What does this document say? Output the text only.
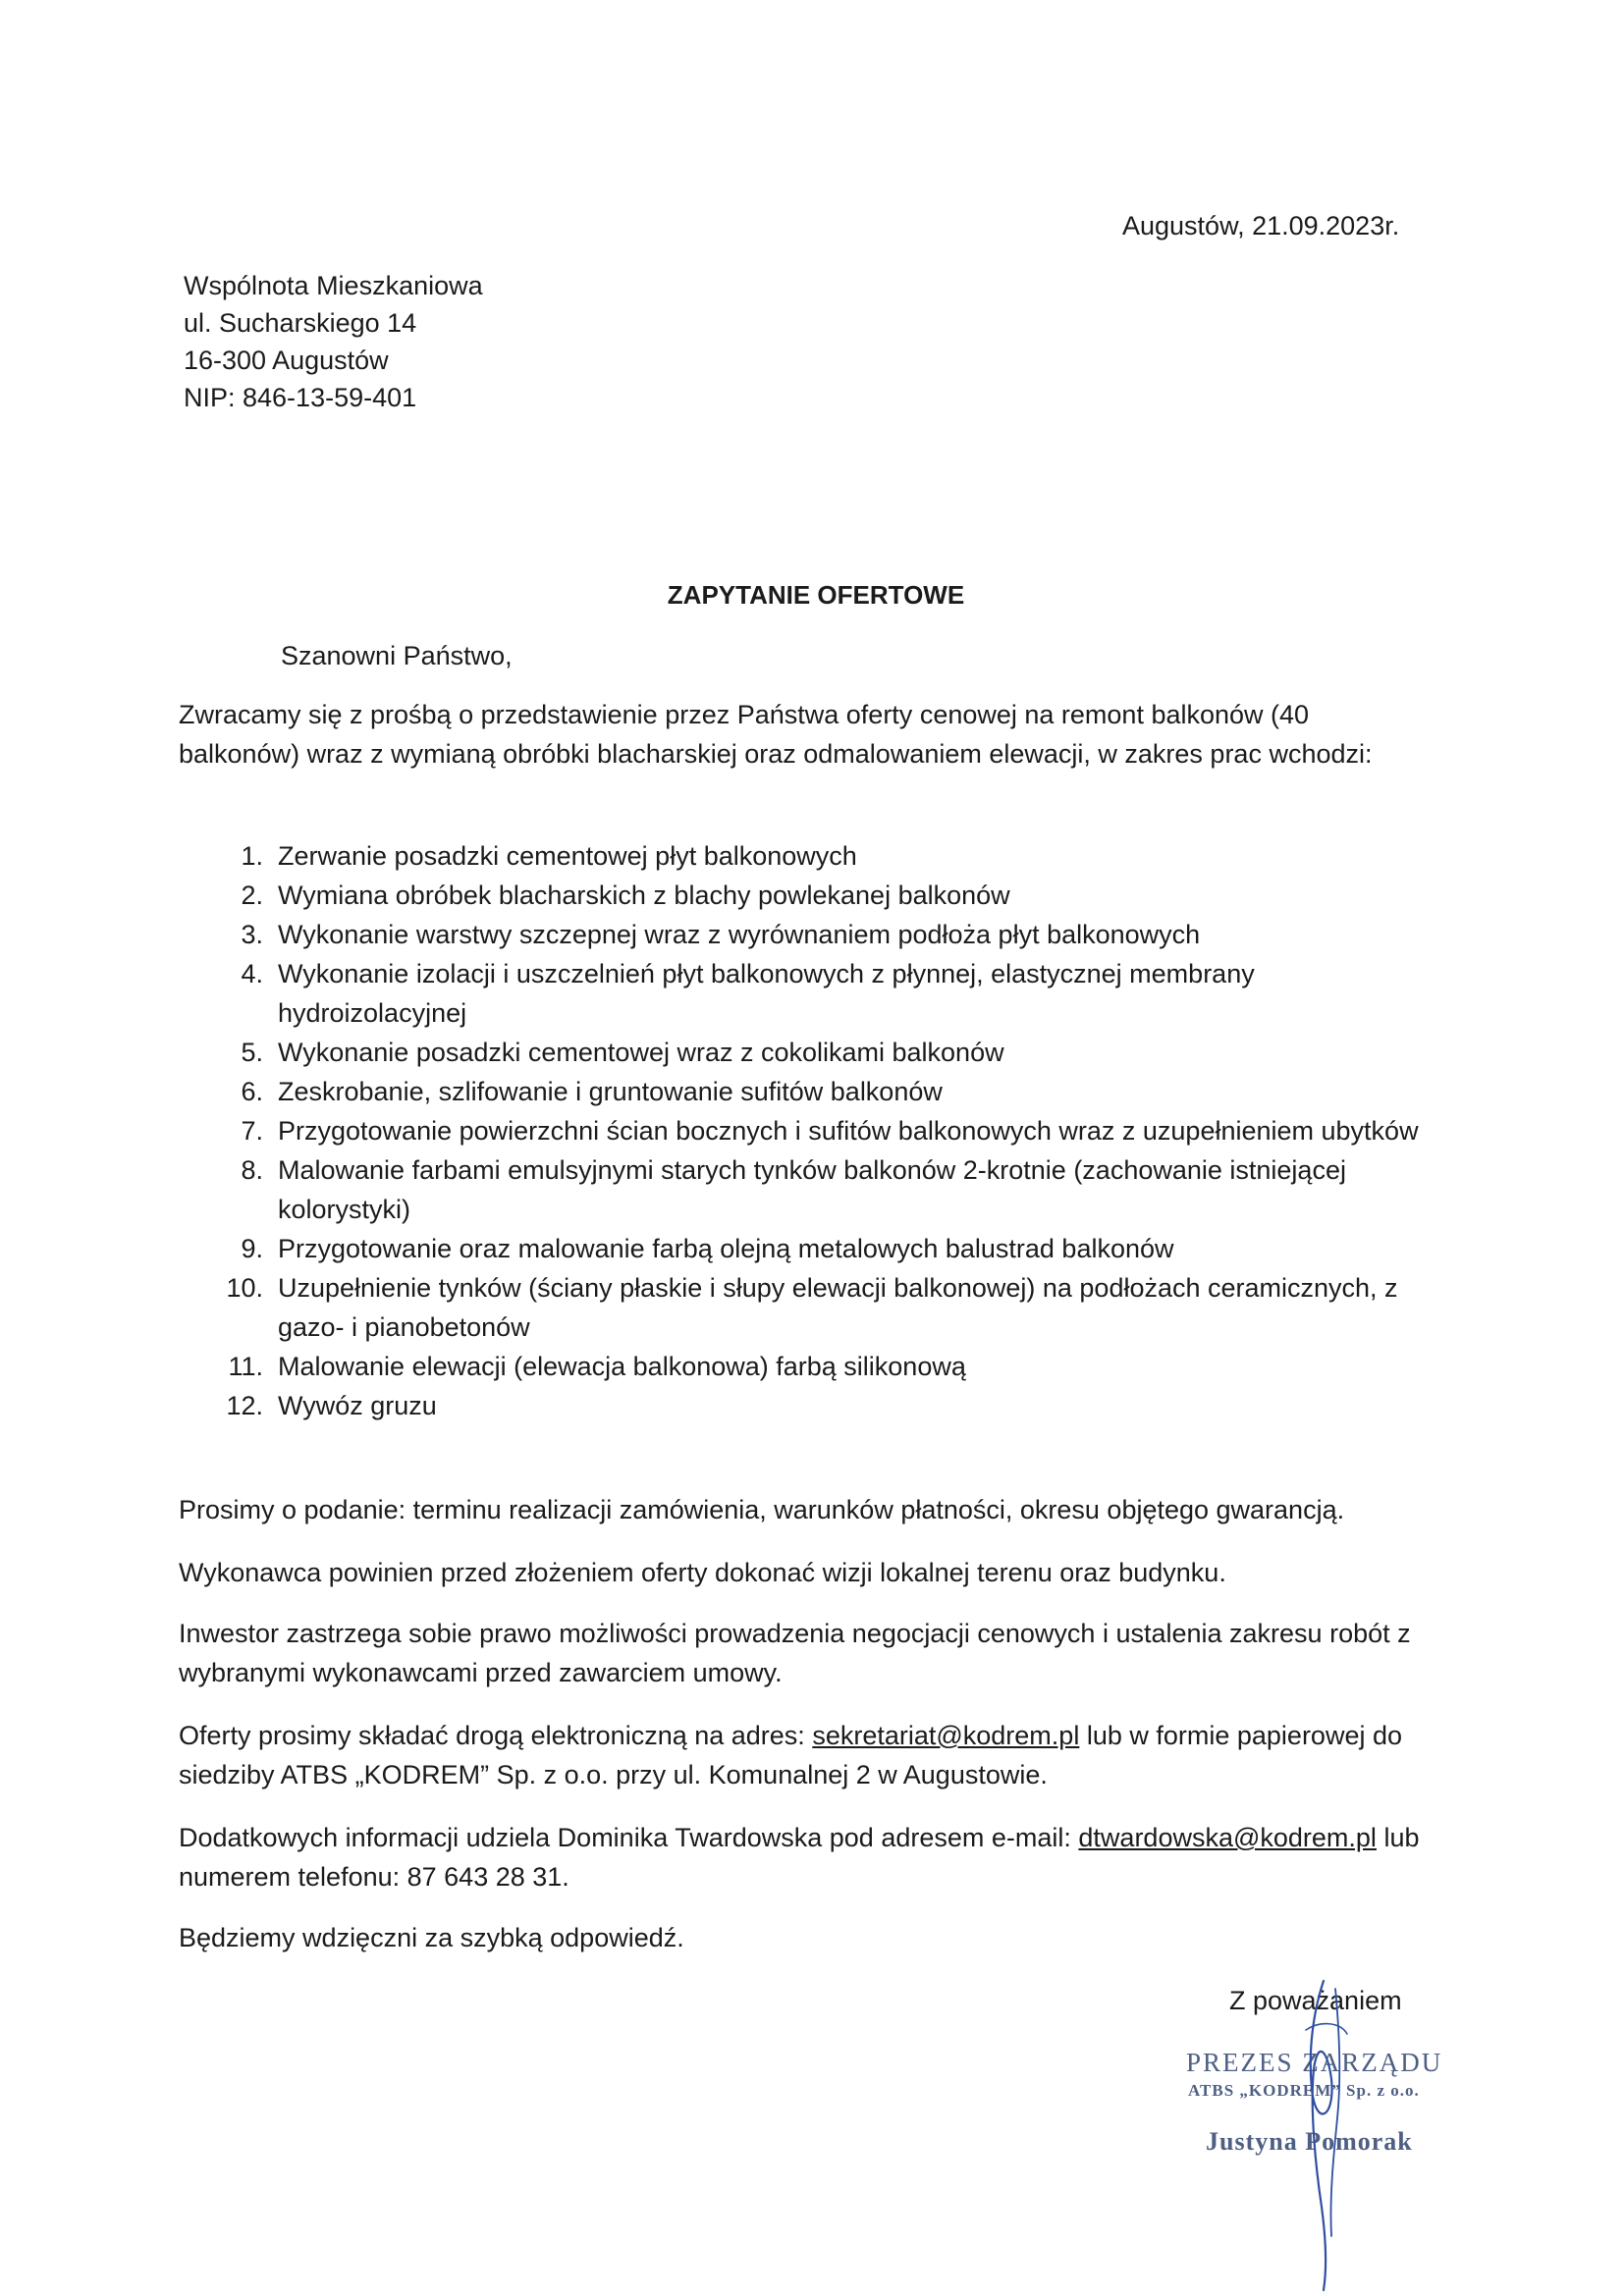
Augustów, 21.09.2023r.
Wspólnota Mieszkaniowa
ul. Sucharskiego 14
16-300 Augustów
NIP: 846-13-59-401
ZAPYTANIE OFERTOWE
Szanowni Państwo,
Zwracamy się z prośbą o przedstawienie przez Państwa oferty cenowej na remont balkonów (40 balkonów) wraz z wymianą obróbki blacharskiej oraz odmalowaniem elewacji, w zakres prac wchodzi:
1. Zerwanie posadzki cementowej płyt balkonowych
2. Wymiana obróbek blacharskich z blachy powlekanej balkonów
3. Wykonanie warstwy szczepnej wraz z wyrównaniem podłoża płyt balkonowych
4. Wykonanie izolacji i uszczelnień płyt balkonowych z płynnej, elastycznej membrany hydroizolacyjnej
5. Wykonanie posadzki cementowej wraz z cokolikami balkonów
6. Zeskrobanie, szlifowanie i gruntowanie sufitów balkonów
7. Przygotowanie powierzchni ścian bocznych i sufitów balkonowych wraz z uzupełnieniem ubytków
8. Malowanie farbami emulsyjnymi starych tynków balkonów 2-krotnie (zachowanie istniejącej kolorystyki)
9. Przygotowanie oraz malowanie farbą olejną metalowych balustrad balkonów
10. Uzupełnienie tynków (ściany płaskie i słupy elewacji balkonowej) na podłożach ceramicznych, z gazo- i pianobetonów
11. Malowanie elewacji (elewacja balkonowa) farbą silikonową
12. Wywóz gruzu
Prosimy o podanie: terminu realizacji zamówienia, warunków płatności, okresu objętego gwarancją.
Wykonawca powinien przed złożeniem oferty dokonać wizji lokalnej terenu oraz budynku.
Inwestor zastrzega sobie prawo możliwości prowadzenia negocjacji cenowych i ustalenia zakresu robót z wybranymi wykonawcami przed zawarciem umowy.
Oferty prosimy składać drogą elektroniczną na adres: sekretariat@kodrem.pl lub w formie papierowej do siedziby ATBS „KODREM” Sp. z o.o. przy ul. Komunalnej 2 w Augustowie.
Dodatkowych informacji udziela Dominika Twardowska pod adresem e-mail: dtwardowska@kodrem.pl lub numerem telefonu: 87 643 28 31.
Będziemy wdzięczni za szybką odpowiedź.
Z poważaniem
PREZES ZARZĄDU
ATBS „KODREM” Sp. z o.o.
Justyna Pomorak
